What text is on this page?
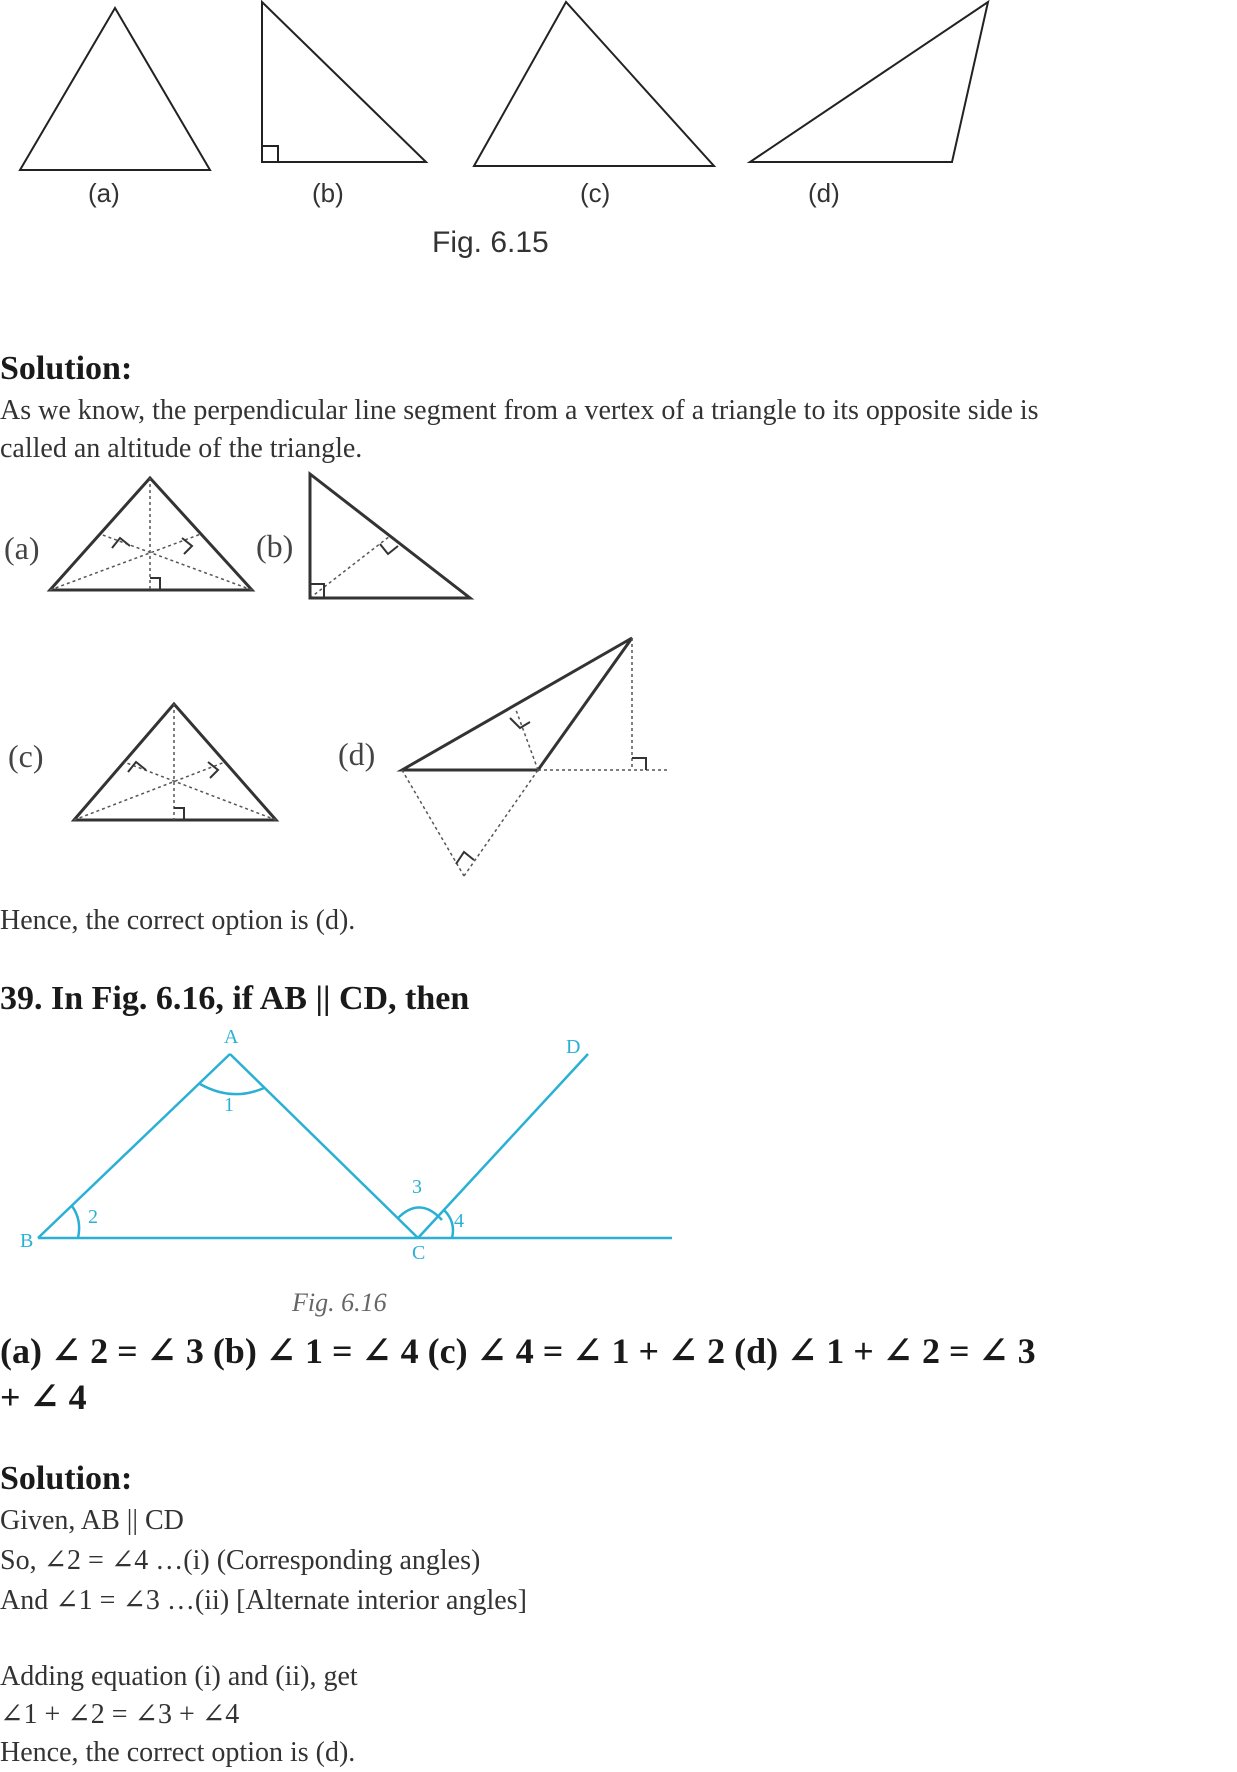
(a)	(b)	(c)	(d)
Fig. 6.15
Solution:
As we know, the perpendicular line segment from a vertex of a triangle to its opposite side is
called an altitude of the triangle.
(a)	(b)
(c)	(d)
Hence, the correct option is (d).
39. In Fig. 6.16, if AB || CD, then
A
B
C
D
1
2
3
4
Fig. 6.16
(a) ∠ 2 = ∠ 3 (b) ∠ 1 = ∠ 4 (c) ∠ 4 = ∠ 1 + ∠ 2 (d) ∠ 1 + ∠ 2 = ∠ 3
+ ∠ 4
Solution:
Given, AB || CD
So, ∠2 = ∠4 …(i) (Corresponding angles)
And ∠1 = ∠3 …(ii) [Alternate interior angles]
Adding equation (i) and (ii), get
∠1 + ∠2 = ∠3 + ∠4
Hence, the correct option is (d).
